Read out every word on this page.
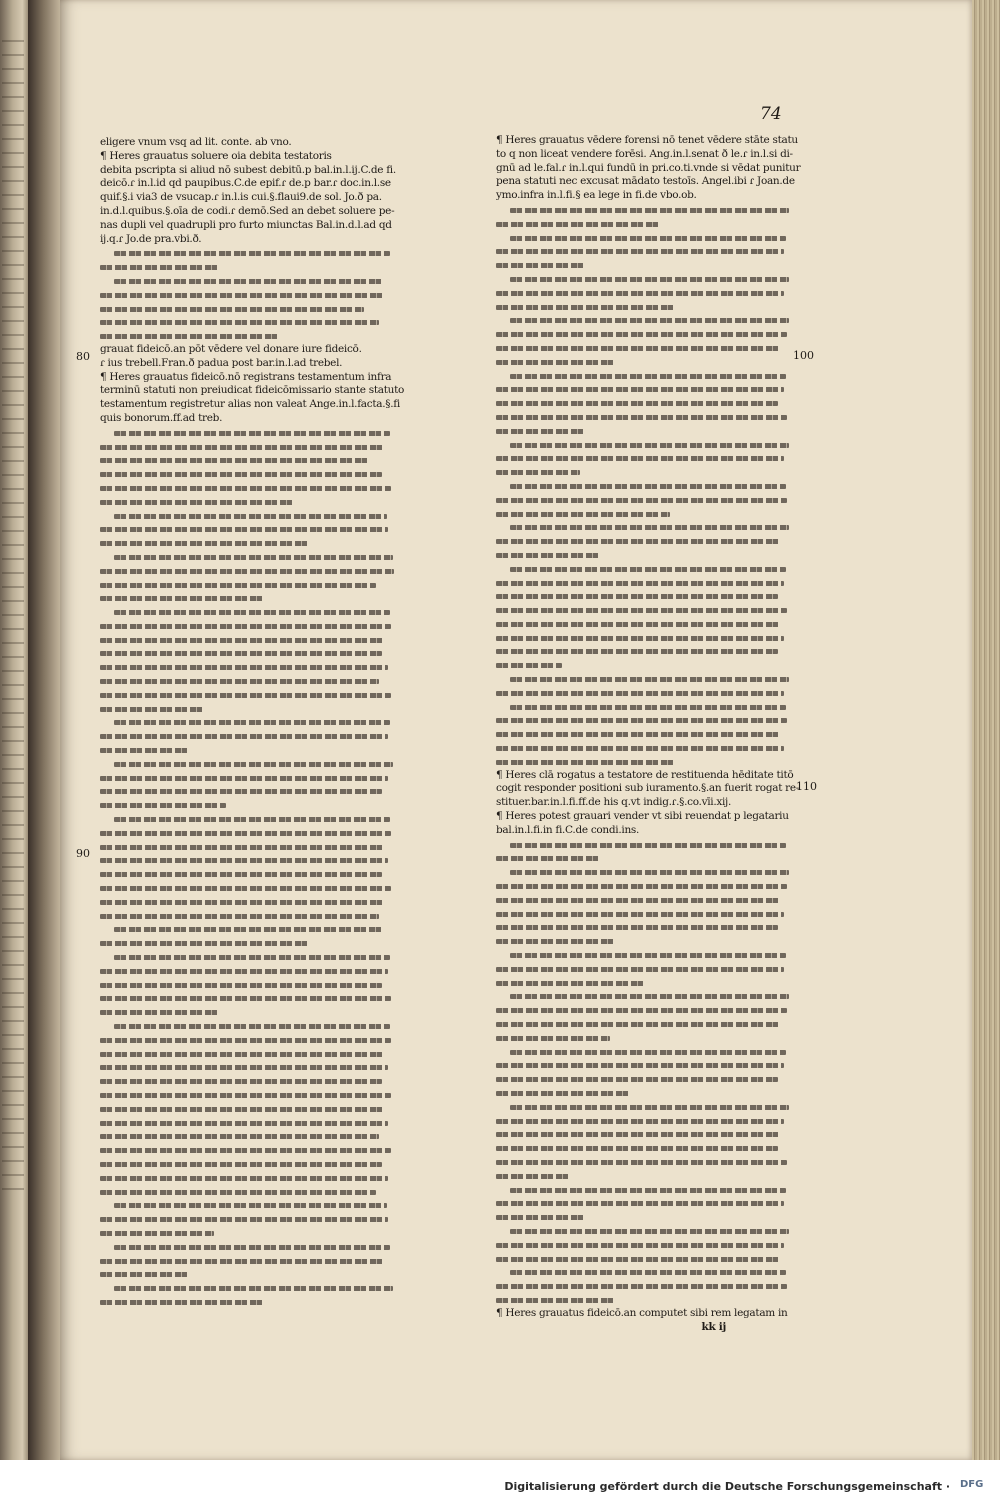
74
80
90
100
110
eligere vnum vsq ad lit. conte. ab vno.
¶ Heres grauatus soluere oia debita testatoris
debita pscripta si aliud nō subest debitū.p bal.in.l.ij.C.de fi.
deicō.ɾ in.l.id qd paupibus.C.de epif.ɾ de.p bar.ɾ doc.in.l.se
quif.§.i via3 de vsucap.ɾ in.l.is cui.§.flaui9.de sol. Jo.ð pa.
in.d.l.quibus.§.oīa de codi.ɾ demō.Sed an debet soluere pe-
nas dupli vel quadrupli pro furto miunctas Bal.in.d.l.ad qd
ij.q.ɾ Jo.de pra.vbi.ð.
grauat fideicō.an pōt vēdere vel donare iure fideicō.
ɾ ius trebell.Fran.ð padua post bar.in.l.ad trebel.
¶ Heres grauatus fideicō.nō registrans testamentum infra
terminū statuti non preiudicat fideicōmissario stante statuto
testamentum registretur alias non valeat Ange.in.l.facta.§.fi
quis bonorum.ff.ad treb.
¶ Heres grauatus vēdere forensi nō tenet vēdere stāte statu
to q non liceat vendere forēsi. Ang.in.l.senat ð le.ɾ in.l.si di-
gnū ad le.fal.ɾ in.l.qui fundū in pri.co.ti.vnde si vēdat punitur
pena statuti nec excusat mādato testoīs. Angel.ibi ɾ Joan.de
ymo.infra in.l.fi.§ ea lege in fi.de vbo.ob.
¶ Heres clā rogatus a testatore de restituenda hēditate titō
cogit responder positioni sub iuramento.§.an fuerit rogat re-
stituer.bar.in.l.fi.ff.de his q.vt indig.ɾ.§.co.vīi.xij.
¶ Heres potest grauari vender vt sibi reuendat p legatariu
bal.in.l.fi.in fi.C.de condi.ins.
¶ Heres grauatus fideicō.an computet sibi rem legatam in
kk ij
Digitalisierung gefördert durch die Deutsche Forschungsgemeinschaft · DFG
